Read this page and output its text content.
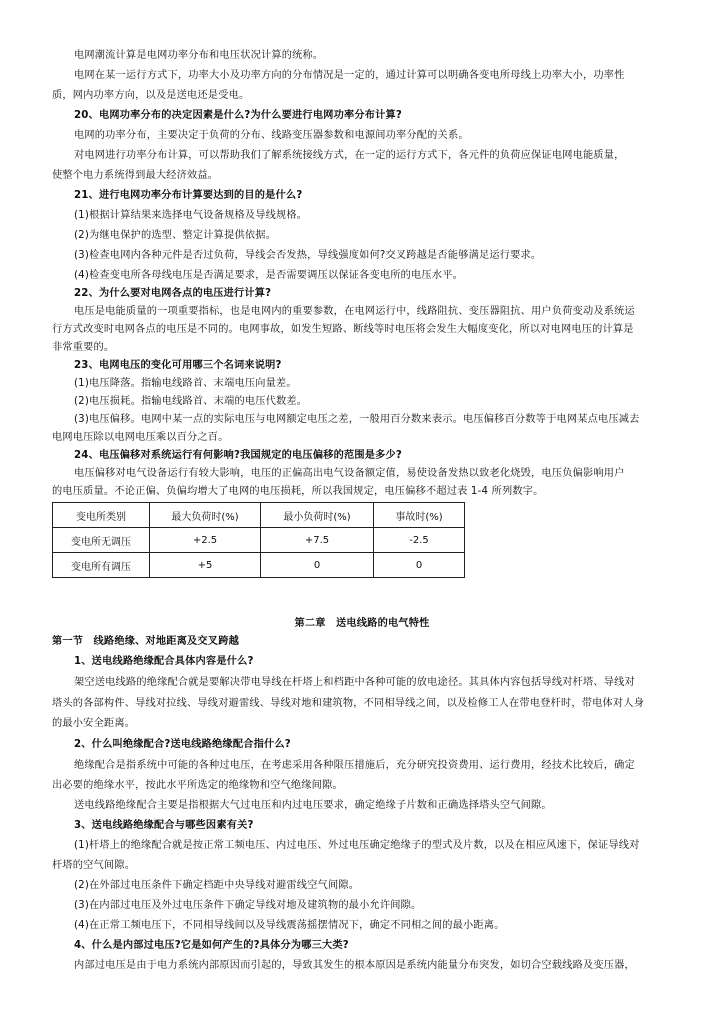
电网潮流计算是电网功率分布和电压状况计算的统称。
电网在某一运行方式下，功率大小及功率方向的分布情况是一定的，通过计算可以明确各变电所母线上功率大小，功率性
质，网内功率方向，以及是送电还是受电。
20、电网功率分布的决定因素是什么?为什么要进行电网功率分布计算?
电网的功率分布，主要决定于负荷的分布、线路变压器参数和电源间功率分配的关系。
对电网进行功率分布计算，可以帮助我们了解系统接线方式，在一定的运行方式下，各元件的负荷应保证电网电能质量，
使整个电力系统得到最大经济效益。
21、进行电网功率分布计算要达到的目的是什么?
(1)根据计算结果来选择电气设备规格及导线规格。
(2)为继电保护的选型、整定计算提供依据。
(3)检查电网内各种元件是否过负荷，导线会否发热，导线强度如何?交叉跨越是否能够满足运行要求。
(4)检查变电所各母线电压是否满足要求，是否需要调压以保证各变电所的电压水平。
22、为什么要对电网各点的电压进行计算?
电压是电能质量的一项重要指标，也是电网内的重要参数，在电网运行中，线路阻抗、变压器阻抗、用户负荷变动及系统运
行方式改变时电网各点的电压是不同的。电网事故，如发生短路、断线等时电压将会发生大幅度变化，所以对电网电压的计算是
非常重要的。
23、电网电压的变化可用哪三个名词来说明?
(1)电压降落。指输电线路首、末端电压向量差。
(2)电压损耗。指输电线路首、末端的电压代数差。
(3)电压偏移。电网中某一点的实际电压与电网额定电压之差，一般用百分数来表示。电压偏移百分数等于电网某点电压减去
电网电压除以电网电压乘以百分之百。
24、电压偏移对系统运行有何影响?我国规定的电压偏移的范围是多少?
电压偏移对电气设备运行有较大影响，电压的正偏高出电气设备额定值，易使设备发热以致老化烧毁，电压负偏影响用户
的电压质量。不论正偏、负偏均增大了电网的电压损耗，所以我国规定，电压偏移不超过表 1-4 所列数字。
变电所类别	最大负荷时(%)	最小负荷时(%)	事故时(%)
变电所无调压	+2.5	+7.5	-2.5
变电所有调压	+5	0	0
第二章　送电线路的电气特性
第一节　线路绝缘、对地距离及交叉跨越
1、送电线路绝缘配合具体内容是什么?
架空送电线路的绝缘配合就是要解决带电导线在杆塔上和档距中各种可能的放电途径。其具体内容包括导线对杆塔、导线对
塔头的各部构件、导线对拉线、导线对避雷线、导线对地和建筑物，不同相导线之间，以及检修工人在带电登杆时，带电体对人身
的最小安全距离。
2、什么叫绝缘配合?送电线路绝缘配合指什么?
绝缘配合是指系统中可能的各种过电压，在考虑采用各种限压措施后，充分研究投资费用、运行费用，经技术比较后，确定
出必要的绝缘水平，按此水平所选定的绝缘物和空气绝缘间隙。
送电线路绝缘配合主要是指根据大气过电压和内过电压要求，确定绝缘子片数和正确选择塔头空气间隙。
3、送电线路绝缘配合与哪些因素有关?
(1)杆塔上的绝缘配合就是按正常工频电压、内过电压、外过电压确定绝缘子的型式及片数，以及在相应风速下，保证导线对
杆塔的空气间隙。
(2)在外部过电压条件下确定档距中央导线对避雷线空气间隙。
(3)在内部过电压及外过电压条件下确定导线对地及建筑物的最小允许间隙。
(4)在正常工频电压下，不同相导线间以及导线震荡摇摆情况下，确定不同相之间的最小距离。
4、什么是内部过电压?它是如何产生的?具体分为哪三大类?
内部过电压是由于电力系统内部原因而引起的，导致其发生的根本原因是系统内能量分布突发，如切合空载线路及变压器，
